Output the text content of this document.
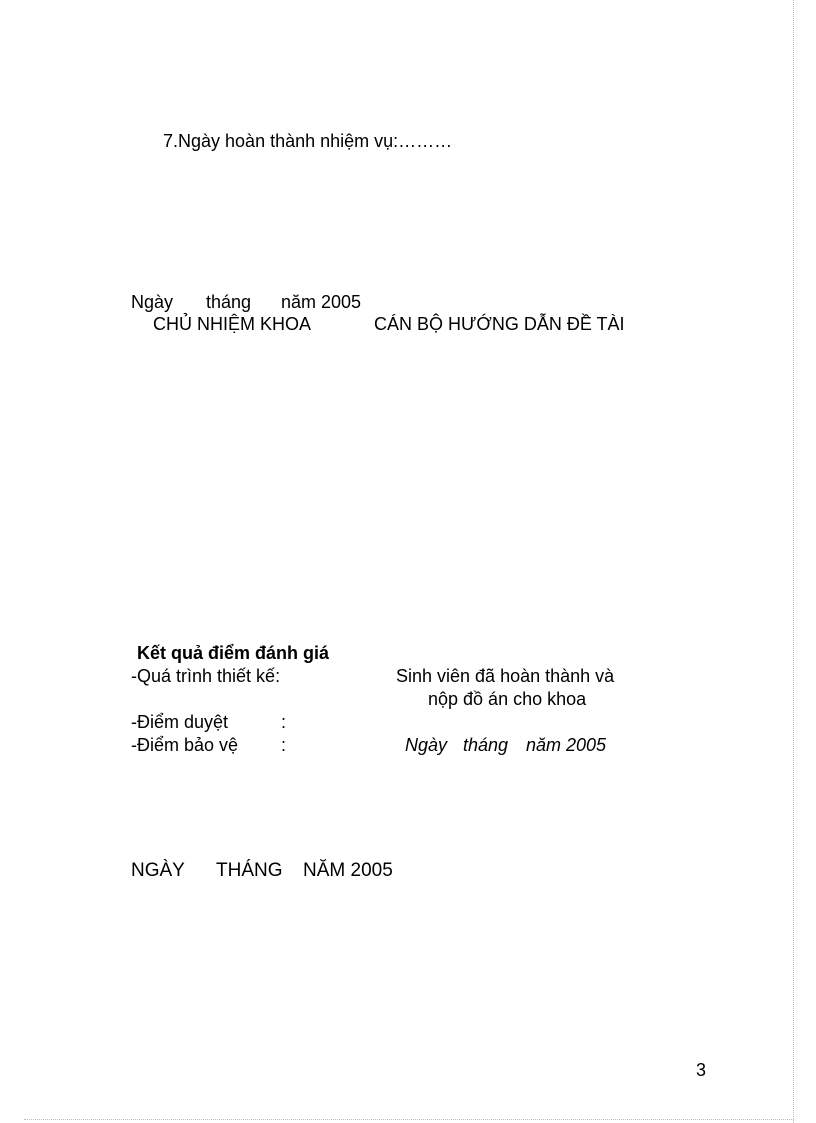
7.Ngày hoàn thành nhiệm vụ:………
Ngày tháng năm 2005
CHỦ NHIỆM KHOA	CÁN BỘ HƯỚNG DẪN ĐỀ TÀI
Kết quả điểm đánh giá
-Quá trình thiết kế:	Sinh viên đã hoàn thành và
nộp đồ án cho khoa
-Điểm duyệt	:
-Điểm bảo vệ :	Ngày tháng năm 2005
NGÀY THÁNG NĂM 2005
3
